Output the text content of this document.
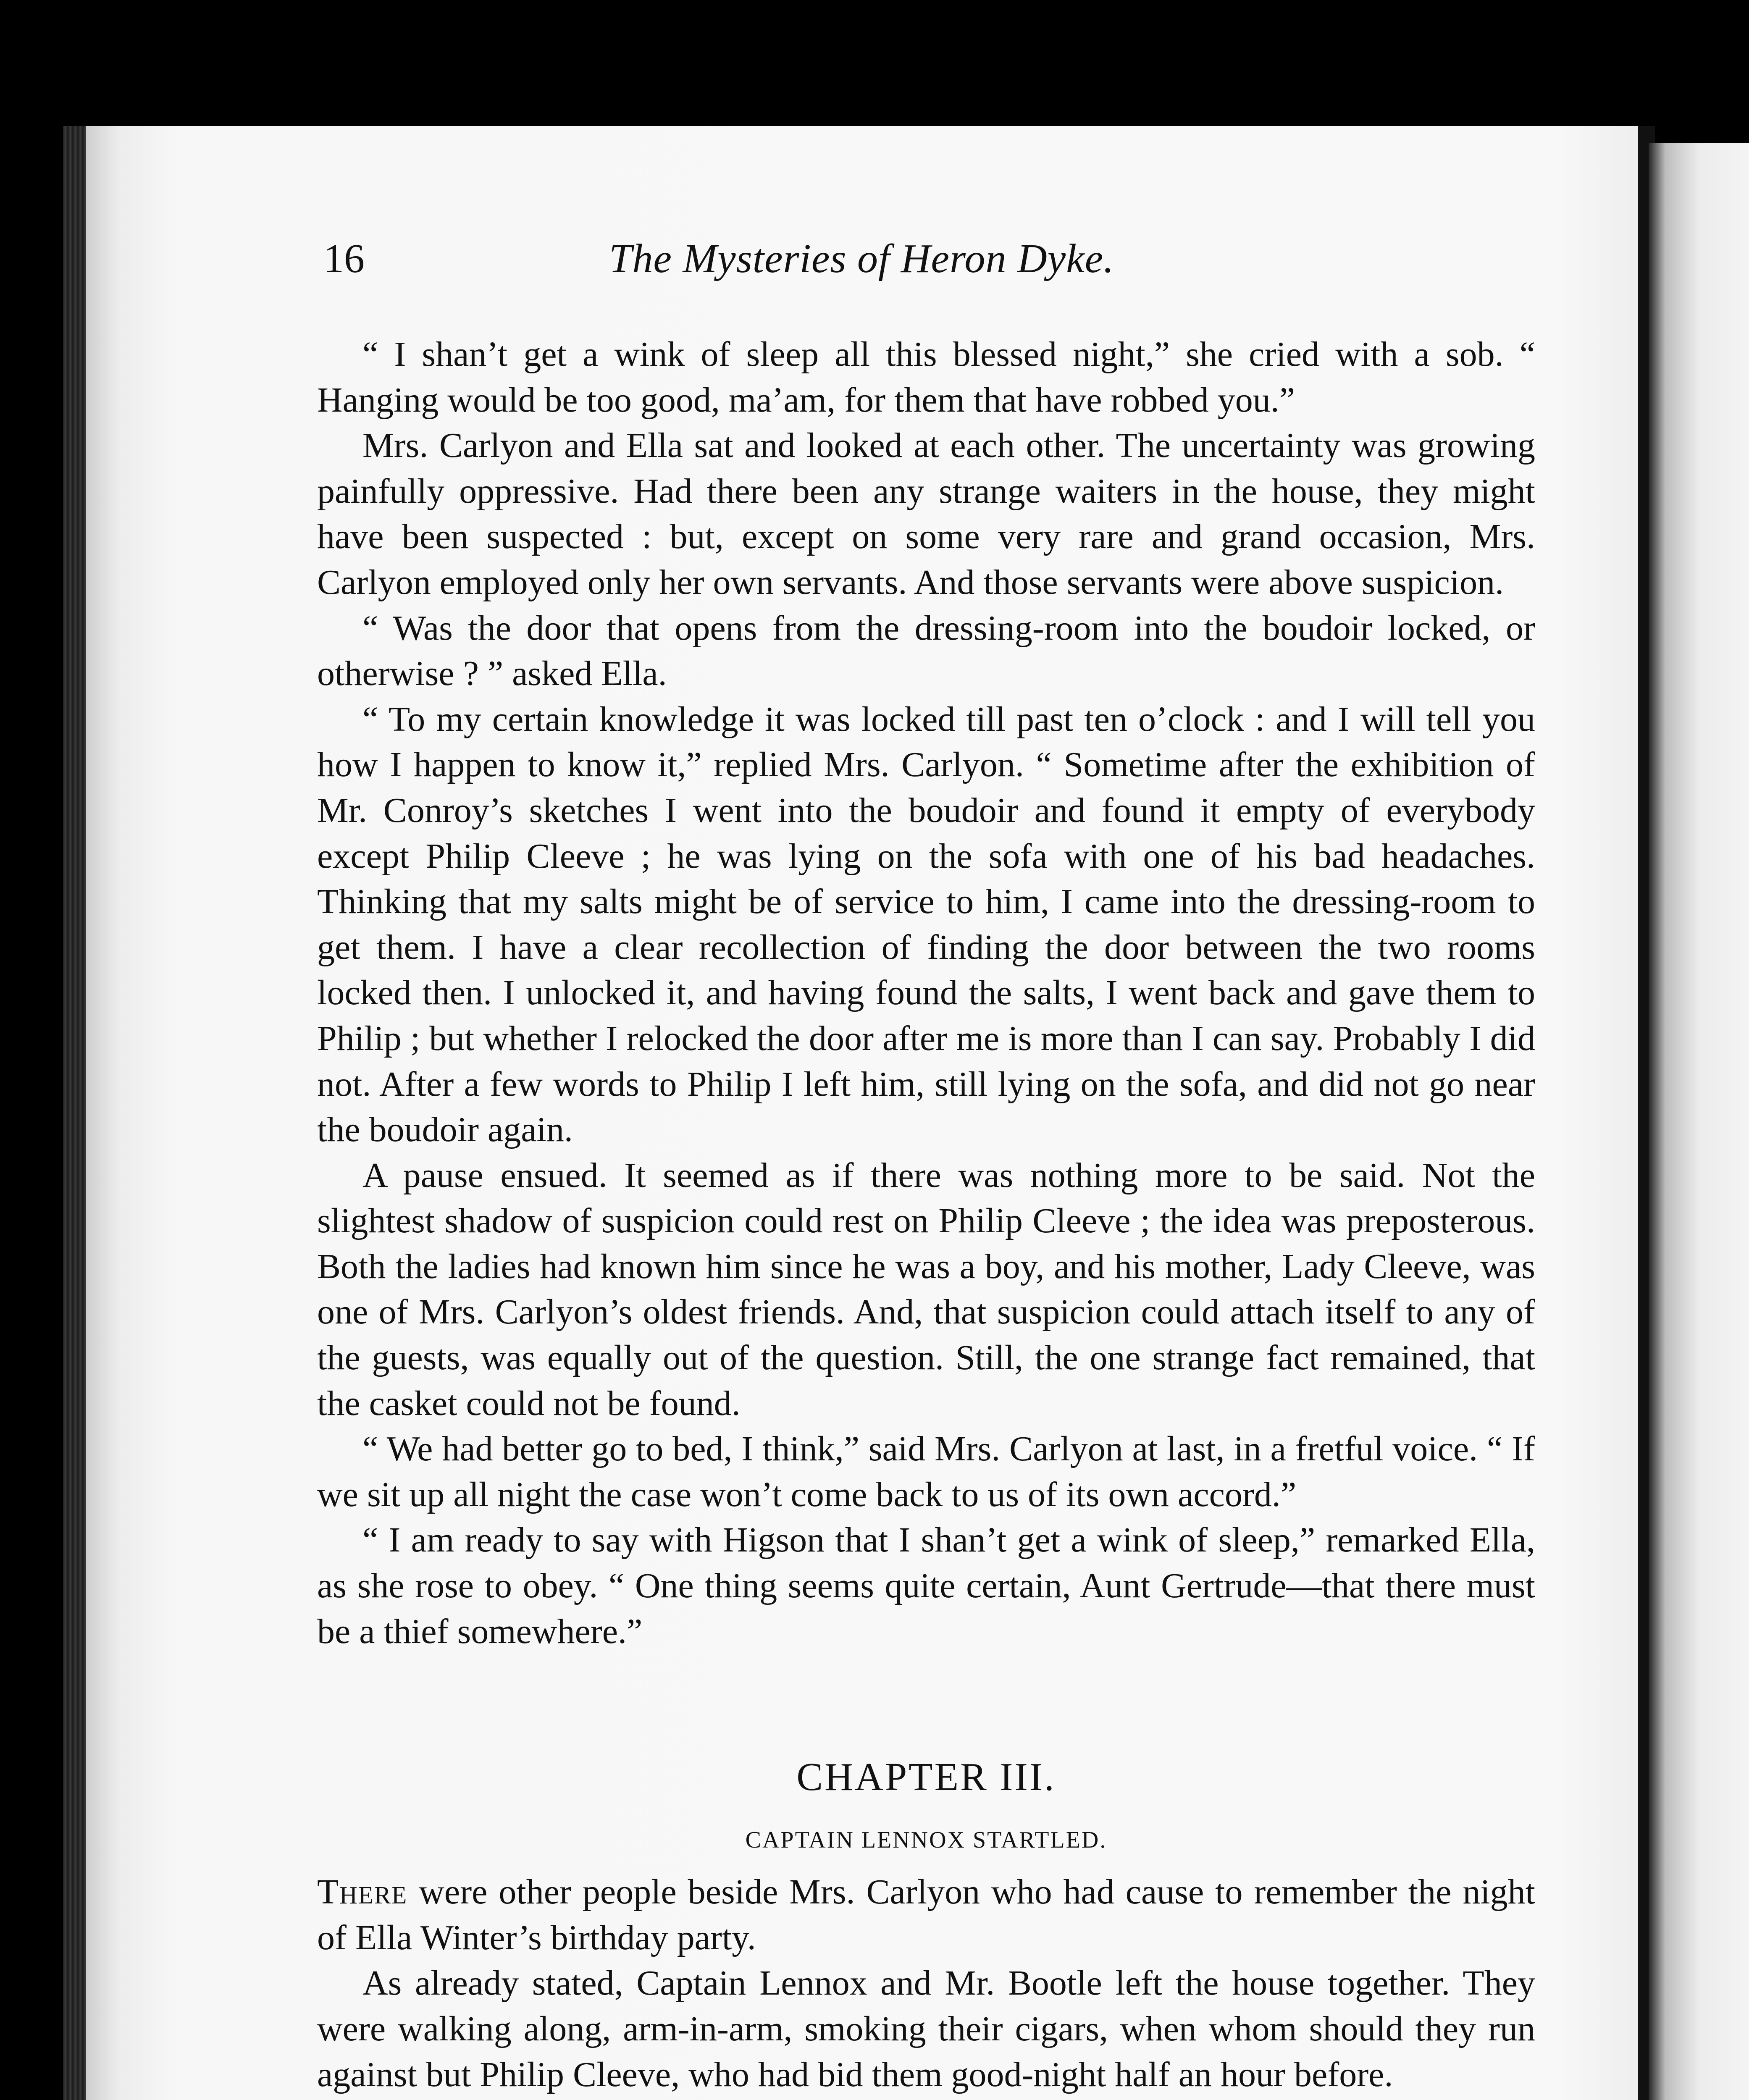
16	The Mysteries of Heron Dyke.

“ I shan’t get a wink of sleep all this blessed night,” she cried with a sob. “ Hanging would be too good, ma’am, for them that have robbed you.”

Mrs. Carlyon and Ella sat and looked at each other. The uncertainty was growing painfully oppressive. Had there been any strange waiters in the house, they might have been suspected : but, except on some very rare and grand occasion, Mrs. Carlyon employed only her own servants. And those servants were above suspicion.

“ Was the door that opens from the dressing-room into the boudoir locked, or otherwise ? ” asked Ella.

“ To my certain knowledge it was locked till past ten o’clock : and I will tell you how I happen to know it,” replied Mrs. Carlyon. “ Sometime after the exhibition of Mr. Conroy’s sketches I went into the boudoir and found it empty of everybody except Philip Cleeve ; he was lying on the sofa with one of his bad headaches. Thinking that my salts might be of service to him, I came into the dressing-room to get them. I have a clear recollection of finding the door between the two rooms locked then. I unlocked it, and having found the salts, I went back and gave them to Philip ; but whether I relocked the door after me is more than I can say. Probably I did not. After a few words to Philip I left him, still lying on the sofa, and did not go near the boudoir again.

A pause ensued. It seemed as if there was nothing more to be said. Not the slightest shadow of suspicion could rest on Philip Cleeve ; the idea was preposterous. Both the ladies had known him since he was a boy, and his mother, Lady Cleeve, was one of Mrs. Carlyon’s oldest friends. And, that suspicion could attach itself to any of the guests, was equally out of the question. Still, the one strange fact remained, that the casket could not be found.

“ We had better go to bed, I think,” said Mrs. Carlyon at last, in a fretful voice. “ If we sit up all night the case won’t come back to us of its own accord.”

“ I am ready to say with Higson that I shan’t get a wink of sleep,” remarked Ella, as she rose to obey. “ One thing seems quite certain, Aunt Gertrude—that there must be a thief somewhere.”

CHAPTER III.
CAPTAIN LENNOX STARTLED.

There were other people beside Mrs. Carlyon who had cause to remember the night of Ella Winter’s birthday party.

As already stated, Captain Lennox and Mr. Bootle left the house together. They were walking along, arm-in-arm, smoking their cigars, when whom should they run against but Philip Cleeve, who had bid them good-night half an hour before.
